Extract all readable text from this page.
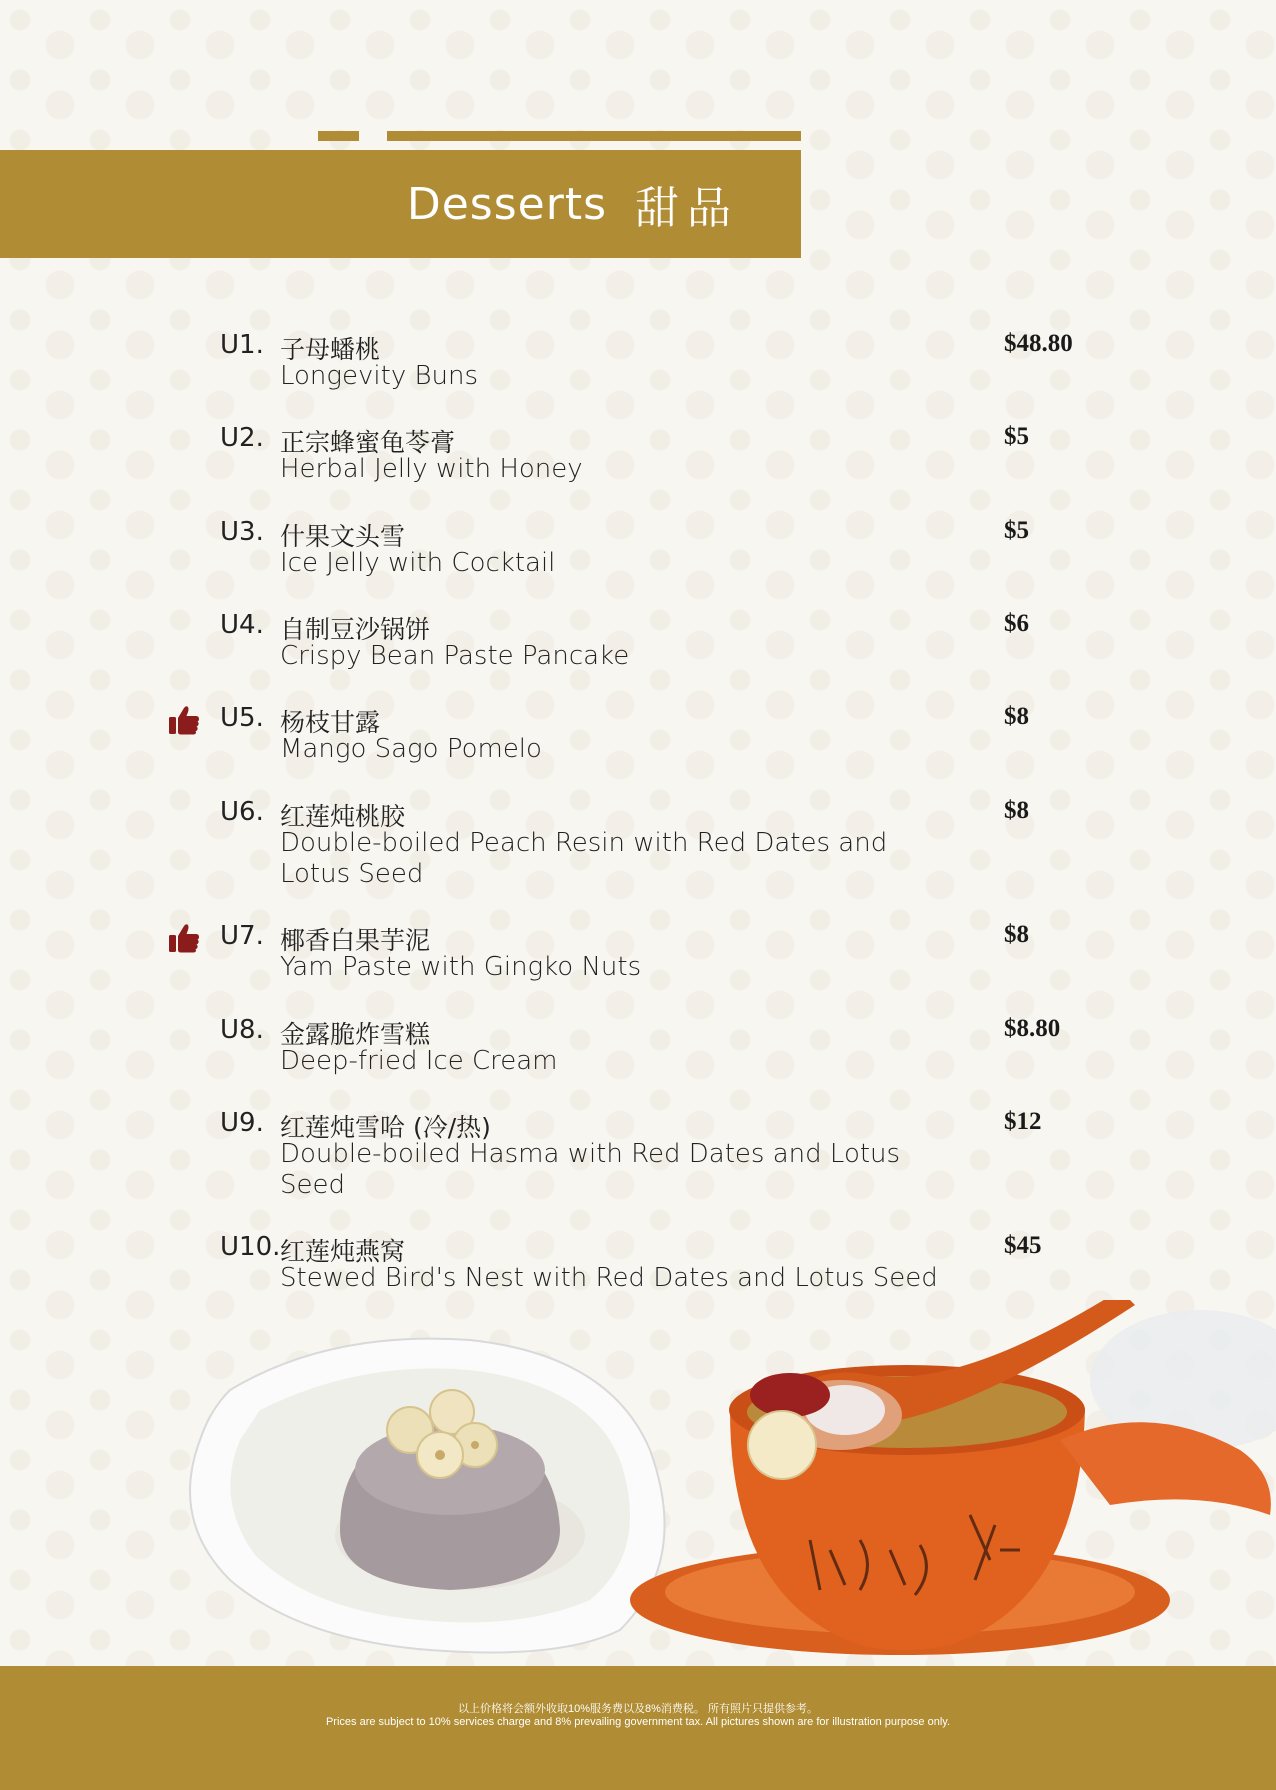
Desserts 甜品
U1. 子母蟠桃
Longevity Buns
$48.80
U2. 正宗蜂蜜龟苓膏
Herbal Jelly with Honey
$5
U3. 什果文头雪
Ice Jelly with Cocktail
$5
U4. 自制豆沙锅饼
Crispy Bean Paste Pancake
$6
U5. 杨枝甘露
Mango Sago Pomelo
$8
U6. 红莲炖桃胶
Double-boiled Peach Resin with Red Dates and Lotus Seed
$8
U7. 椰香白果芋泥
Yam Paste with Gingko Nuts
$8
U8. 金露脆炸雪糕
Deep-fried Ice Cream
$8.80
U9. 红莲炖雪哈 (冷/热)
Double-boiled Hasma with Red Dates and Lotus Seed
$12
U10. 红莲炖燕窝
Stewed Bird's Nest with Red Dates and Lotus Seed
$45
以上价格将会额外收取10%服务费以及8%消费税。 所有照片只提供参考。
Prices are subject to 10% services charge and 8% prevailing government tax. All pictures shown are for illustration purpose only.
